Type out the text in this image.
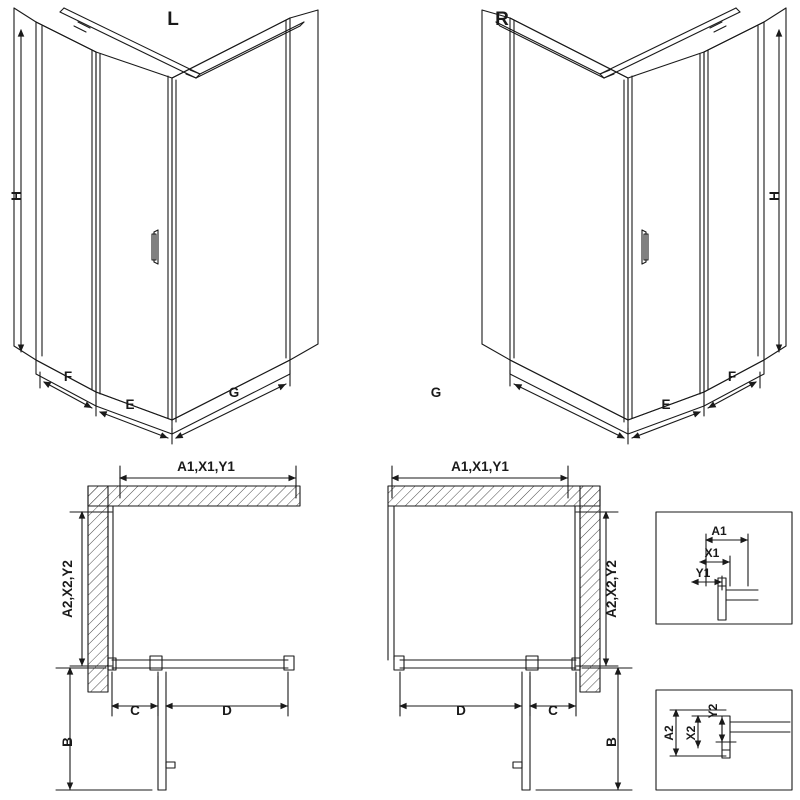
L	R
H	H
F
E
G	G
E
F
A1,X1,Y1	A1,X1,Y1
A2,X2,Y2	A2,X2,Y2
C	D	D	C
B	B
A1
X1
Y1
A2 X2
Y2
